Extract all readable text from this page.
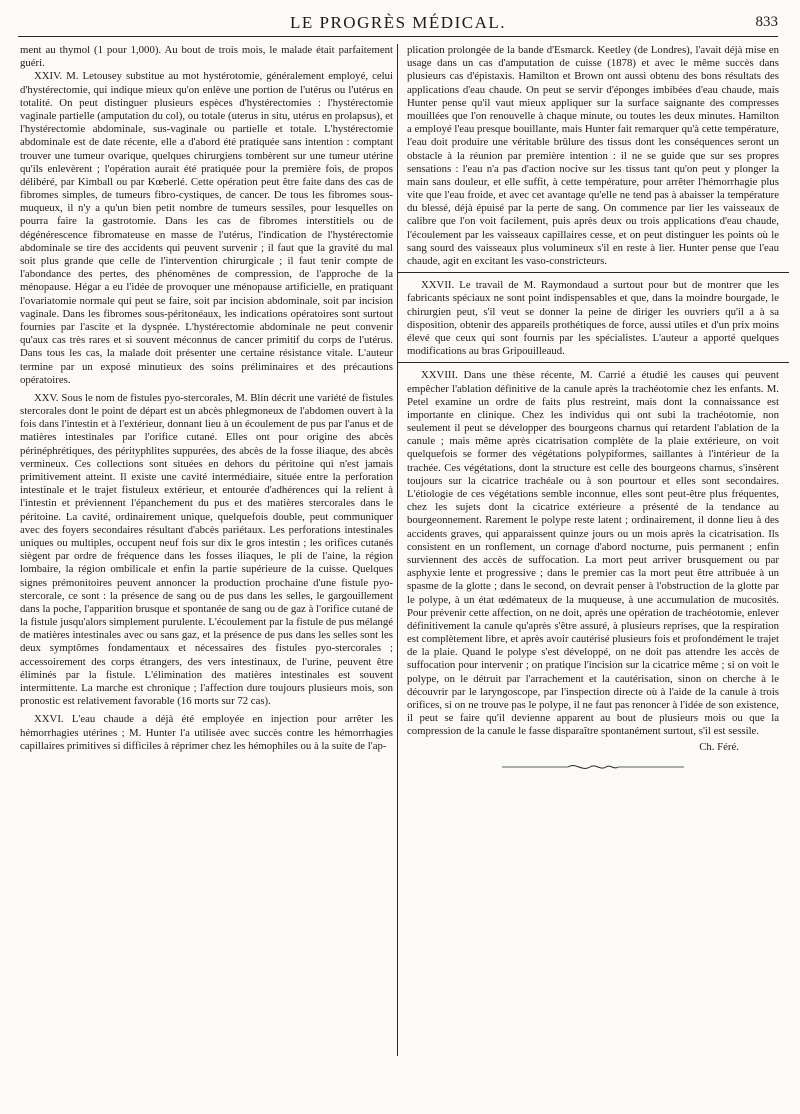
LE PROGRÈS MÉDICAL.	833

ment au thymol (1 pour 1,000). Au bout de trois mois, le malade était parfaitement guéri.

XXIV. M. Letousey substitue au mot hystérotomie, généralement employé, celui d'hystérectomie, qui indique mieux qu'on enlève une portion de l'utérus ou l'utérus en totalité. On peut distinguer plusieurs espèces d'hystérectomies : l'hystérectomie vaginale partielle (amputation du col), ou totale (uterus in situ, utérus en prolapsus), et l'hystérectomie abdominale, sus-vaginale ou partielle et totale. L'hystérectomie abdominale est de date récente, elle a d'abord été pratiquée sans intention : comptant trouver une tumeur ovarique, quelques chirurgiens tombèrent sur une tumeur utérine qu'ils enlevèrent ; l'opération aurait été pratiquée pour la première fois, de propos délibéré, par Kimball ou par Kœberlé. Cette opération peut être faite dans des cas de fibromes simples, de tumeurs fibro-cystiques, de cancer. De tous les fibromes sous-muqueux, il n'y a qu'un bien petit nombre de tumeurs sessiles, pour lesquelles on pourra faire la gastrotomie. Dans les cas de fibromes interstitiels ou de dégénérescence fibromateuse en masse de l'utérus, l'indication de l'hystérectomie abdominale se tire des accidents qui peuvent survenir ; il faut que la gravité du mal soit plus grande que celle de l'intervention chirurgicale ; il faut tenir compte de l'abondance des pertes, des phénomènes de compression, de l'approche de la ménopause. Hégar a eu l'idée de provoquer une ménopause artificielle, en pratiquant l'ovariatomie normale qui peut se faire, soit par incision abdominale, soit par incision vaginale. Dans les fibromes sous-péritonéaux, les indications opératoires sont surtout fournies par l'ascite et la dyspnée. L'hystérectomie abdominale ne peut convenir qu'aux cas très rares et si souvent méconnus de cancer primitif du corps de l'utérus. Dans tous les cas, la malade doit présenter une certaine résistance vitale. L'auteur termine par un exposé minutieux des soins préliminaires et des précautions opératoires.

XXV. Sous le nom de fistules pyo-stercorales, M. Blin décrit une variété de fistules stercorales dont le point de départ est un abcès phlegmoneux de l'abdomen ouvert à la fois dans l'intestin et à l'extérieur, donnant lieu à un écoulement de pus par l'anus et de matières intestinales par l'orifice cutané. Elles ont pour origine des abcès périnéphrétiques, des pérityphlites suppurées, des abcès de la fosse iliaque, des abcès vermineux. Ces collections sont situées en dehors du péritoine qui n'est jamais primitivement atteint. Il existe une cavité intermédiaire, située entre la perforation intestinale et le trajet fistuleux extérieur, et entourée d'adhérences qui la relient à l'intestin et préviennent l'épanchement du pus et des matières stercorales dans le péritoine. La cavité, ordinairement unique, quelquefois double, peut communiquer avec des foyers secondaires résultant d'abcès pariétaux. Les perforations intestinales uniques ou multiples, occupent neuf fois sur dix le gros intestin ; les orifices cutanés siègent par ordre de fréquence dans les fosses iliaques, le pli de l'aine, la région lombaire, la région ombilicale et enfin la partie supérieure de la cuisse. Quelques signes prémonitoires peuvent annoncer la production prochaine d'une fistule pyo-stercorale, ce sont : la présence de sang ou de pus dans les selles, le gargouillement dans la poche, l'apparition brusque et spontanée de sang ou de gaz à l'orifice cutané de la fistule jusqu'alors simplement purulente. L'écoulement par la fistule de pus mélangé de matières intestinales avec ou sans gaz, et la présence de pus dans les selles sont les deux symptômes fondamentaux et nécessaires des fistules pyo-stercorales ; accessoirement des corps étrangers, des vers intestinaux, de l'urine, peuvent être éliminés par la fistule. L'élimination des matières intestinales est souvent intermittente. La marche est chronique ; l'affection dure toujours plusieurs mois, son pronostic est relativement favorable (16 morts sur 72 cas).

XXVI. L'eau chaude a déjà été employée en injection pour arrêter les hémorrhagies utérines ; M. Hunter l'a utilisée avec succès contre les hémorrhagies capillaires primitives si difficiles à réprimer chez les hémophiles ou à la suite de l'ap-

plication prolongée de la bande d'Esmarck. Keetley (de Londres), l'avait déjà mise en usage dans un cas d'amputation de cuisse (1878) et avec le même succès dans plusieurs cas d'épistaxis. Hamilton et Brown ont aussi obtenu des bons résultats des applications d'eau chaude. On peut se servir d'éponges imbibées d'eau chaude, mais Hunter pense qu'il vaut mieux appliquer sur la surface saignante des compresses mouillées que l'on renouvelle à chaque minute, ou toutes les deux minutes. Hamilton a employé l'eau presque bouillante, mais Hunter fait remarquer qu'à cette température, l'eau doit produire une véritable brûlure des tissus dont les conséquences seront un obstacle à la réunion par première intention : il ne se guide que sur ses propres sensations : l'eau n'a pas d'action nocive sur les tissus tant qu'on peut y plonger la main sans douleur, et elle suffit, à cette température, pour arrêter l'hémorrhagie plus vite que l'eau froide, et avec cet avantage qu'elle ne tend pas à abaisser la température du blessé, déjà épuisé par la perte de sang. On commence par lier les vaisseaux de calibre que l'on voit facilement, puis après deux ou trois applications d'eau chaude, l'écoulement par les vaisseaux capillaires cesse, et on peut distinguer les points où le sang sourd des vaisseaux plus volumineux s'il en reste à lier. Hunter pense que l'eau chaude, agit en excitant les vaso-constricteurs.

XXVII. Le travail de M. Raymondaud a surtout pour but de montrer que les fabricants spéciaux ne sont point indispensables et que, dans la moindre bourgade, le chirurgien peut, s'il veut se donner la peine de diriger les ouvriers qu'il a à sa disposition, obtenir des appareils prothétiques de force, aussi utiles et d'un prix moins élevé que ceux qui sont fournis par les spécialistes. L'auteur a apporté quelques modifications au bras Gripouilleaud.

XXVIII. Dans une thèse récente, M. Carrié a étudié les causes qui peuvent empêcher l'ablation définitive de la canule après la trachéotomie chez les enfants. M. Petel examine un ordre de faits plus restreint, mais dont la connaissance est importante en clinique. Chez les individus qui ont subi la trachéotomie, non seulement il peut se développer des bourgeons charnus qui retardent l'ablation de la canule ; mais même après cicatrisation complète de la plaie extérieure, on voit quelquefois se former des végétations polypiformes, saillantes à l'intérieur de la trachée. Ces végétations, dont la structure est celle des bourgeons charnus, s'insèrent toujours sur la cicatrice trachéale ou à son pourtour et elles sont secondaires. L'étiologie de ces végétations semble inconnue, elles sont peut-être plus fréquentes, chez les sujets dont la cicatrice extérieure a présenté de la tendance au bourgeonnement. Rarement le polype reste latent ; ordinairement, il donne lieu à des accidents graves, qui apparaissent quinze jours ou un mois après la cicatrisation. Ils consistent en un ronflement, un cornage d'abord nocturne, puis permanent ; enfin surviennent des accès de suffocation. La mort peut arriver brusquement ou par asphyxie lente et progressive ; dans le premier cas la mort peut être attribuée à un spasme de la glotte ; dans le second, on devrait penser à l'obstruction de la glotte par le polype, à un état œdémateux de la muqueuse, à une accumulation de mucosités. Pour prévenir cette affection, on ne doit, après une opération de trachéotomie, enlever définitivement la canule qu'après s'être assuré, à plusieurs reprises, que la respiration est complètement libre, et après avoir cautérisé plusieurs fois et profondément le trajet de la plaie. Quand le polype s'est développé, on ne doit pas attendre les accès de suffocation pour intervenir ; on pratique l'incision sur la cicatrice même ; si on voit le polype, on le détruit par l'arrachement et la cautérisation, sinon on cherche à le découvrir par le laryngoscope, par l'inspection directe où à l'aide de la canule à trois orifices, si on ne trouve pas le polype, il ne faut pas renoncer à l'idée de son existence, il peut se faire qu'il devienne apparent au bout de plusieurs mois ou que la compression de la canule le fasse disparaître spontanément surtout, s'il est sessile.

Ch. Féré.
